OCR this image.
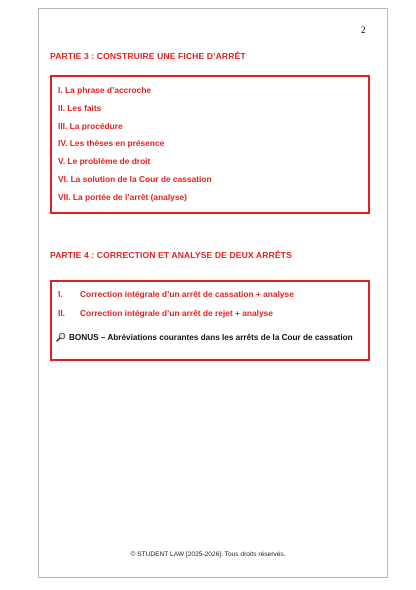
2
PARTIE 3 : CONSTRUIRE UNE FICHE D’ARRÊT
I. La phrase d’accroche
II. Les faits
III. La procédure
IV. Les thèses en présence
V. Le problème de droit
VI. La solution de la Cour de cassation
VII. La portée de l’arrêt (analyse)
PARTIE 4 : CORRECTION ET ANALYSE DE DEUX ARRÊTS
I. Correction intégrale d’un arrêt de cassation + analyse
II. Correction intégrale d’un arrêt de rejet + analyse
BONUS – Abréviations courantes dans les arrêts de la Cour de cassation
© STUDENT LAW [2025-2026]. Tous droits réservés.
